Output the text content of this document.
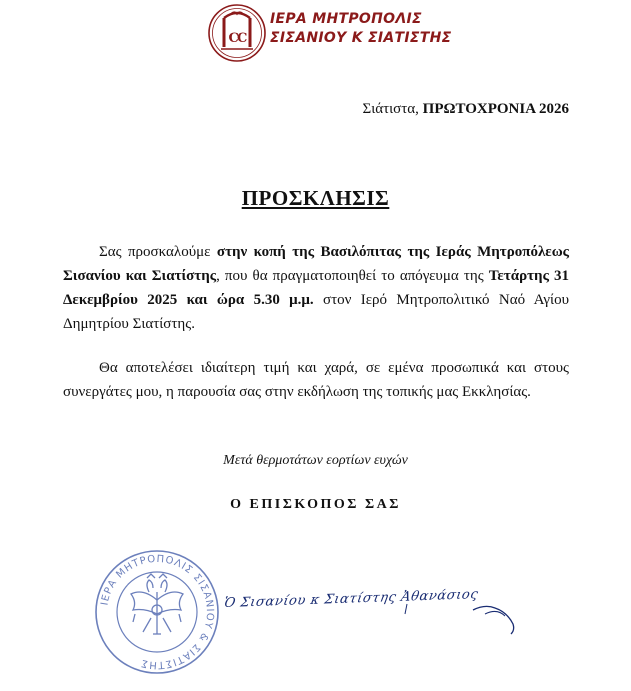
C
C
ΙΕΡΑ ΜΗΤΡΟΠΟΛΙΣ
ΣΙΣΑΝΙΟΥ Κ ΣΙΑΤΙΣΤΗΣ
Σιάτιστα, ΠΡΩΤΟΧΡΟΝΙΑ 2026
ΠΡΟΣΚΛΗΣΙΣ
Σας προσκαλούμε στην κοπή της Βασιλόπιτας της Ιεράς Μητροπόλεως Σισανίου και Σιατίστης, που θα πραγματοποιηθεί το απόγευμα της Τετάρτης 31 Δεκεμβρίου 2025 και ώρα 5.30 μ.μ. στον Ιερό Μητροπολιτικό Ναό Αγίου Δημητρίου Σιατίστης.
Θα αποτελέσει ιδιαίτερη τιμή και χαρά, σε εμένα προσωπικά και στους συνεργάτες μου, η παρουσία σας στην εκδήλωση της τοπικής μας Εκκλησίας.
Μετά θερμοτάτων εορτίων ευχών
Ο ΕΠΙΣΚΟΠΟΣ ΣΑΣ
ΙΕΡΑ ΜΗΤΡΟΠΟΛΙΣ ΣΙΣΑΝΙΟΥ & ΣΙΑΤΙΣΤΗΣ
Ὁ Σισανίου κ Σιατίστης Ἀθανάσιος
